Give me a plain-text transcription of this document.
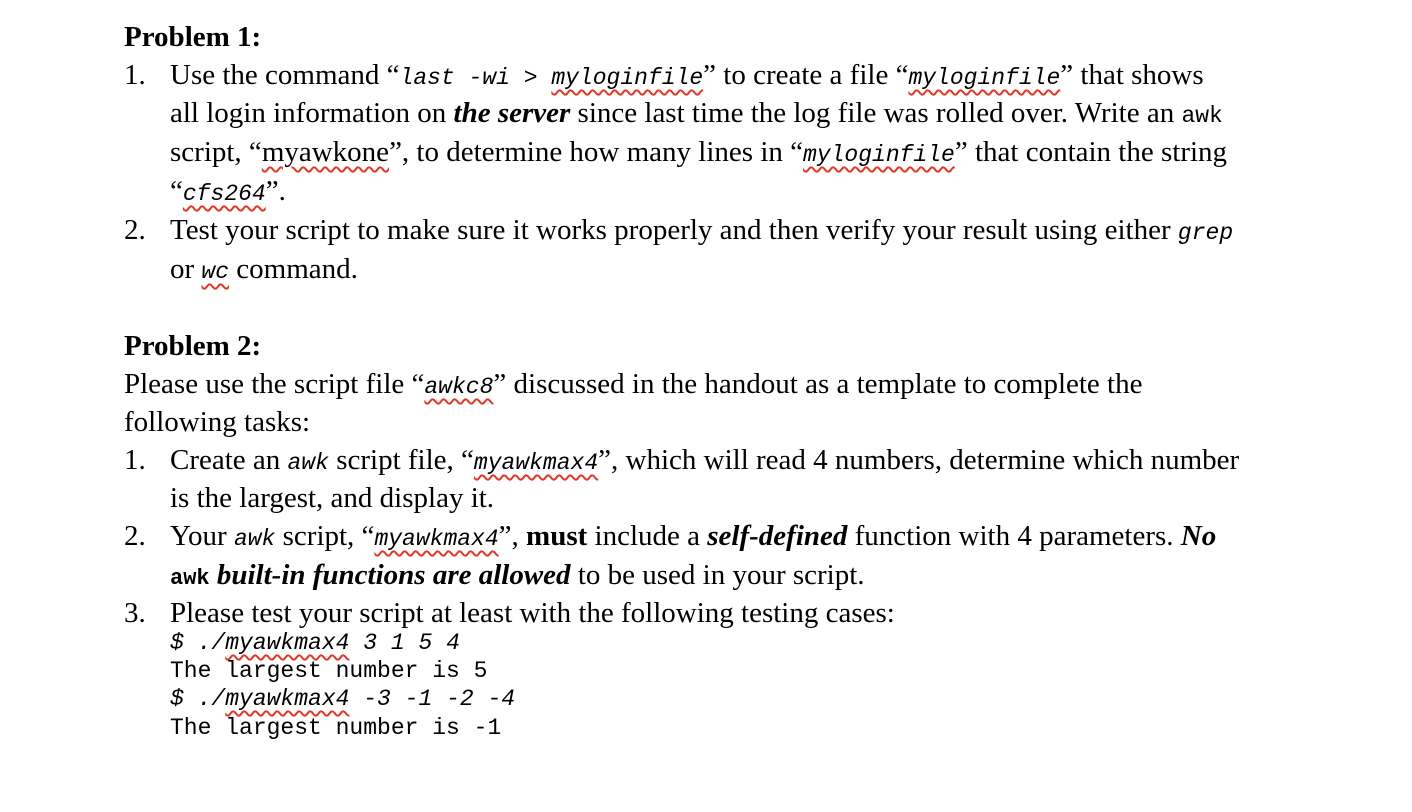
Problem 1:
1. Use the command “last -wi > myloginfile” to create a file “myloginfile” that shows
all login information on the server since last time the log file was rolled over. Write an awk
script, “myawkone”, to determine how many lines in “myloginfile” that contain the string
“cfs264”.
2. Test your script to make sure it works properly and then verify your result using either grep
or wc command.
Problem 2:
Please use the script file “awkc8” discussed in the handout as a template to complete the
following tasks:
1. Create an awk script file, “myawkmax4”, which will read 4 numbers, determine which number
is the largest, and display it.
2. Your awk script, “myawkmax4”, must include a self-defined function with 4 parameters. No
awk built-in functions are allowed to be used in your script.
3. Please test your script at least with the following testing cases:
$ ./myawkmax4 3 1 5 4
The largest number is 5
$ ./myawkmax4 -3 -1 -2 -4
The largest number is -1
